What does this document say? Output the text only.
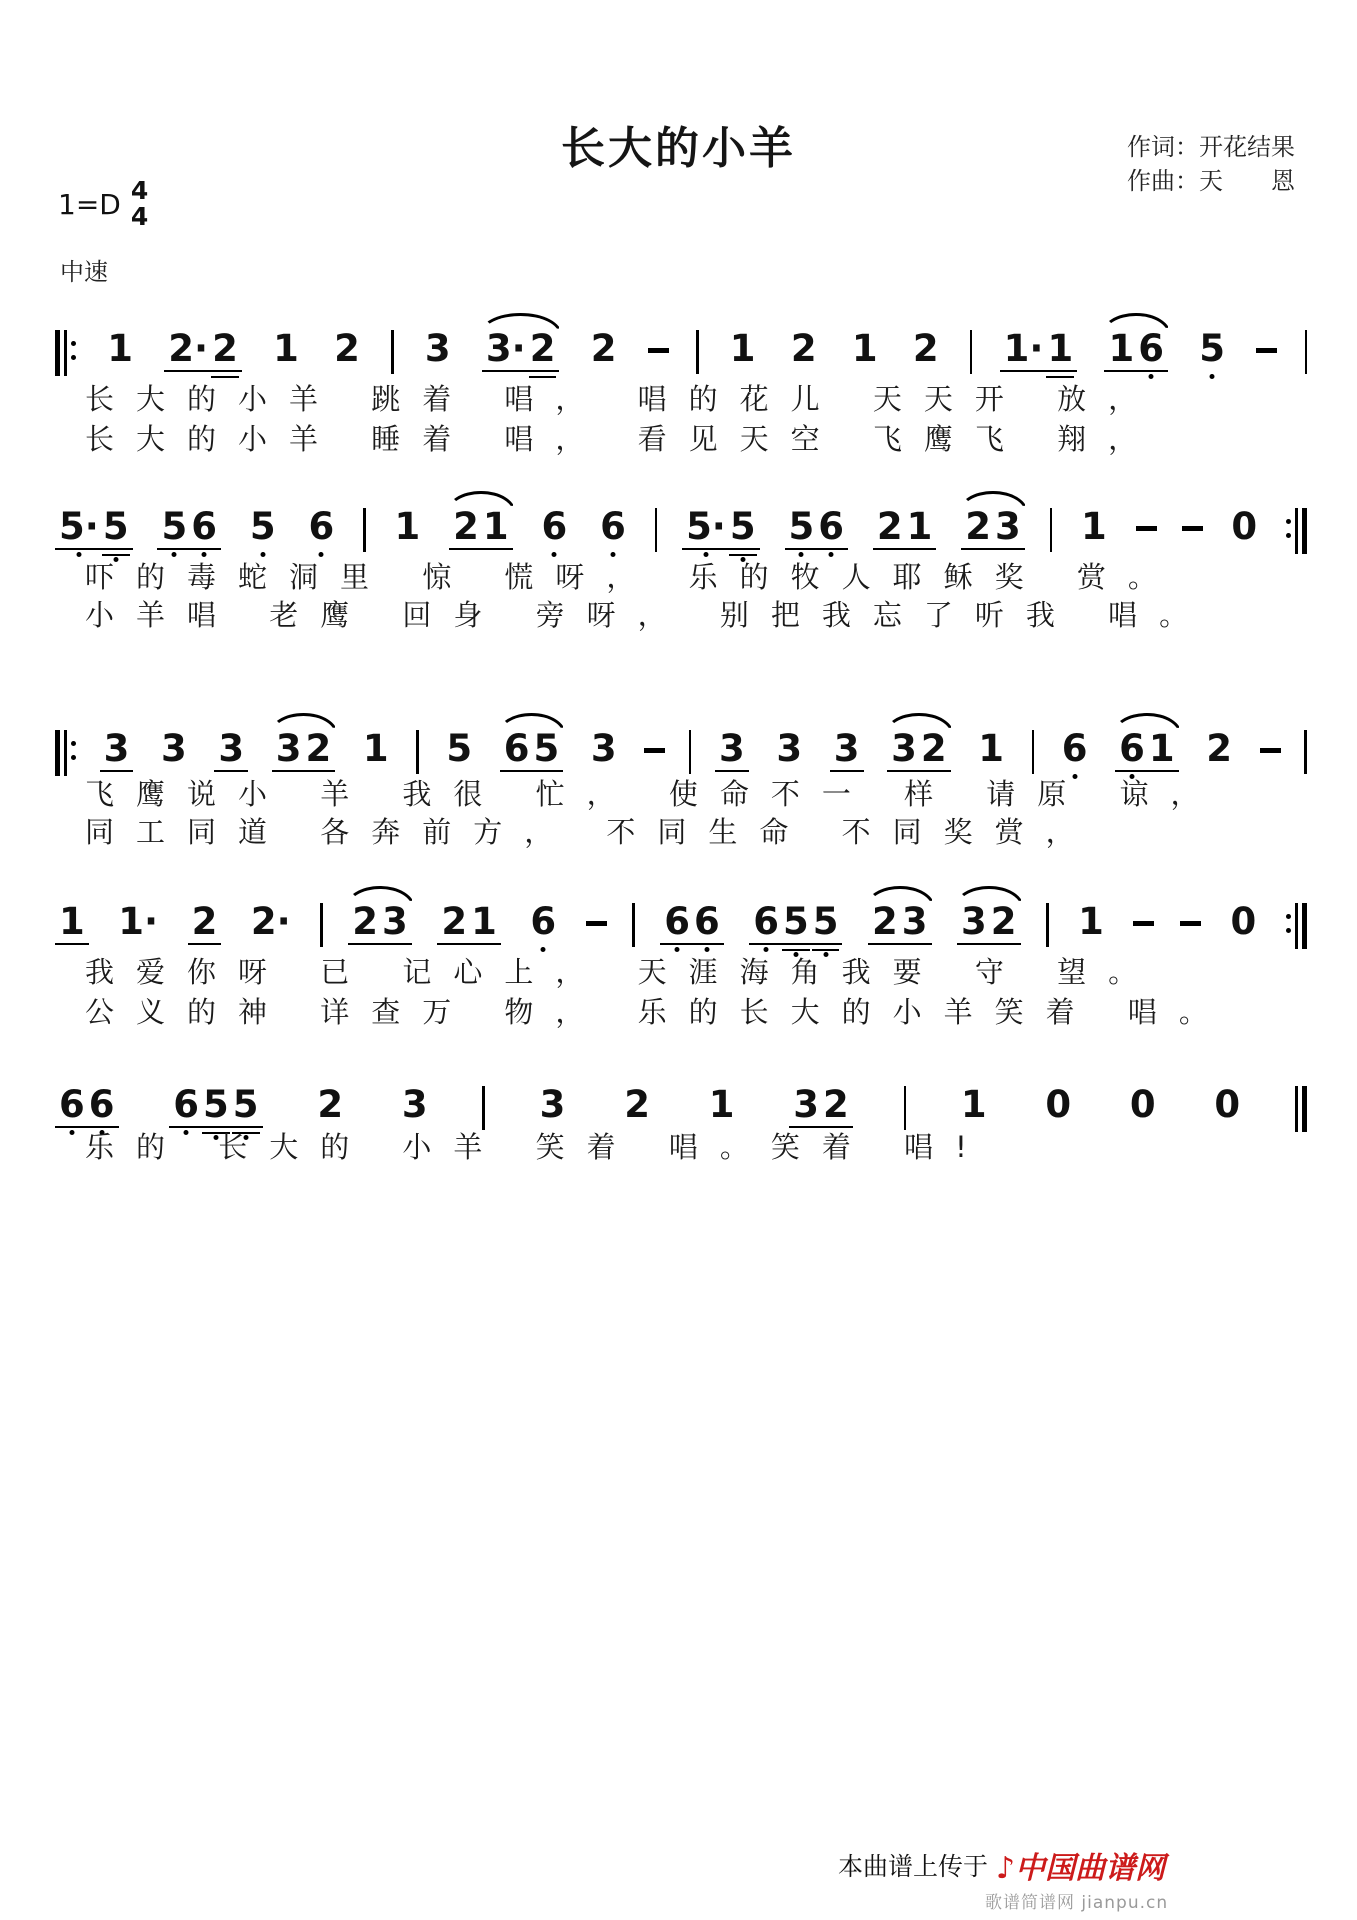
长大的小羊	作词：开花结果
作曲：天　　恩
1=D 4
4
中速
1 2· 2 1 2 3 3· 2 2	1 2 1 2 1· 1 1 6 5
长大的小羊 跳着 唱， 唱的花儿 天天开 放，
长大的小羊 睡着 唱， 看见天空 飞鹰飞 翔，
5· 5 5 6 5 6 1 2 1 6 6 5· 5 5 6 2 1 2 3 1	0
吓的毒蛇洞里 惊 慌呀， 乐的牧人耶稣奖 赏。
小羊唱 老鹰 回身 旁呀， 别把我忘了听我 唱。
3 3 3 3 2 1 5 6 5 3	3 3 3 3 2 1 6 6 1 2
飞鹰说小 羊 我很 忙， 使命不一 样 请原 谅，
同工同道 各奔前方， 不同生命 不同奖赏，
1 1· 2 2· 2 3 2 1 6	6 6 6 5 5 2 3 3 2 1	0
我爱你呀 已 记心上， 天涯海角我要 守 望。
公义的神 详查万 物， 乐的长大的小羊笑着 唱。
6 6 6 5 5 2 3	3 2 1 3 2	1 0 0 0
乐的 长大的 小羊 笑着 唱。笑着 唱!
本曲谱上传于 ♪中国曲谱网
歌谱简谱网 jianpu.cn
